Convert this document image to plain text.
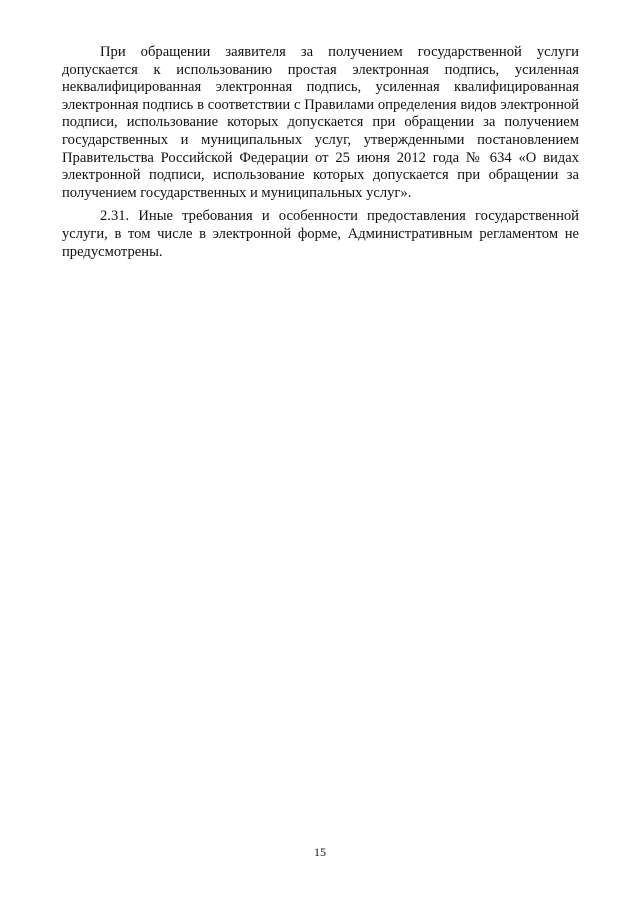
При обращении заявителя за получением государственной услуги допускается к использованию простая электронная подпись, усиленная неквалифицированная электронная подпись, усиленная квалифицированная электронная подпись в соответствии с Правилами определения видов электронной подписи, использование которых допускается при обращении за получением государственных и муниципальных услуг, утвержденными постановлением Правительства Российской Федерации от 25 июня 2012 года № 634 «О видах электронной подписи, использование которых допускается при обращении за получением государственных и муниципальных услуг».

2.31. Иные требования и особенности предоставления государственной услуги, в том числе в электронной форме, Административным регламентом не предусмотрены.

15
